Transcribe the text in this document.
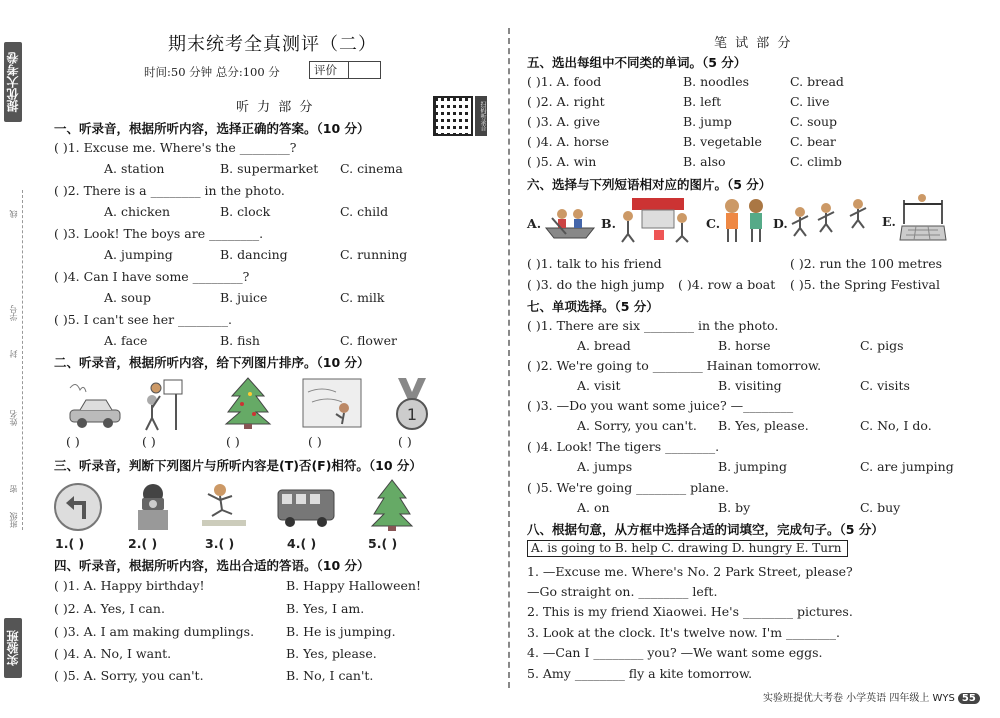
提优大考卷
线
学号
封
姓名
密
班级
实验班
期末统考全真测评（二）
时间:50 分钟 总分:100 分	评价
听 力 部 分	扫码听录音
一、听录音，根据所听内容，选择正确的答案。（10 分）
( )1. Excuse me. Where's the ________?
A. station	B. supermarket C. cinema
( )2. There is a ________ in the photo.
A. chicken	B. clock	C. child
( )3. Look! The boys are ________.
A. jumping	B. dancing	C. running
( )4. Can I have some ________?
A. soup	B. juice	C. milk
( )5. I can't see her ________.
A. face	B. fish	C. flower
二、听录音，根据所听内容，给下列图片排序。（10 分）
1
( )	( )	( )	( )	( )
三、听录音，判断下列图片与所听内容是(T)否(F)相符。（10 分）
1.( )	2.( )	3.( )	4.( )	5.( )
四、听录音，根据所听内容，选出合适的答语。（10 分）
( )1. A. Happy birthday!	B. Happy Halloween!
( )2. A. Yes, I can.	B. Yes, I am.
( )3. A. I am making dumplings.	B. He is jumping.
( )4. A. No, I want.	B. Yes, please.
( )5. A. Sorry, you can't.	B. No, I can't.
笔 试 部 分
五、选出每组中不同类的单词。（5 分）
( )1. A. food	B. noodles	C. bread
( )2. A. right	B. left	C. live
( )3. A. give	B. jump	C. soup
( )4. A. horse	B. vegetable C. bear
( )5. A. win	B. also	C. climb
六、选择与下列短语相对应的图片。（5 分）
A.	B.	C.	D.	E.
( )1. talk to his friend	( )2. run the 100 metres
( )3. do the high jump ( )4. row a boat ( )5. the Spring Festival
七、单项选择。（5 分）
( )1. There are six ________ in the photo.
A. bread	B. horse	C. pigs
( )2. We're going to ________ Hainan tomorrow.
A. visit	B. visiting	C. visits
( )3. —Do you want some juice? —________
A. Sorry, you can't. B. Yes, please.	C. No, I do.
( )4. Look! The tigers ________.
A. jumps	B. jumping	C. are jumping
( )5. We're going ________ plane.
A. on	B. by	C. buy
八、根据句意，从方框中选择合适的词填空，完成句子。（5 分）
A. is going to B. help C. drawing D. hungry E. Turn
1. —Excuse me. Where's No. 2 Park Street, please?
—Go straight on. ________ left.
2. This is my friend Xiaowei. He's ________ pictures.
3. Look at the clock. It's twelve now. I'm ________.
4. —Can I ________ you? —We want some eggs.
5. Amy ________ fly a kite tomorrow.
实验班提优大考卷 小学英语 四年级上 WYS 55
